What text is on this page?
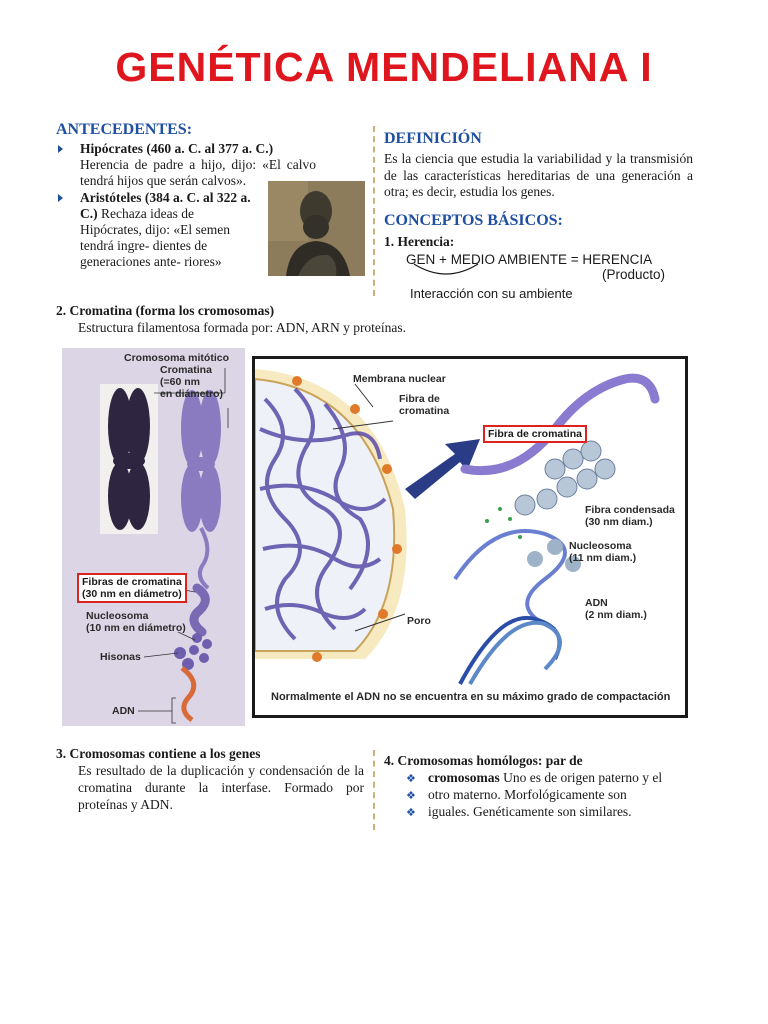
GENÉTICA MENDELIANA I
ANTECEDENTES:
Hipócrates (460 a. C. al 377 a. C.)

Herencia de padre a hijo, dijo: «El calvo tendrá hijos que serán calvos».
Aristóteles (384 a. C. al 322 a. C.) Rechaza ideas de Hipócrates, dijo: «El semen tendrá ingre- dientes de generaciones ante- riores»
DEFINICIÓN

Es la ciencia que estudia la variabilidad y la transmisión de las características hereditarias de una generación a otra; es decir, estudia los genes.

CONCEPTOS BÁSICOS:
1. Herencia:
GEN + MEDIO AMBIENTE = HERENCIA
(Producto)
Interacción con su ambiente
2. Cromatina (forma los cromosomas)
Estructura filamentosa formada por: ADN, ARN y proteínas.
Cromosoma mitótico
Cromatina
(=60 nm
en diámetro)
Fibras de cromatina
(30 nm en diámetro)
Nucleosoma
(10 nm en diámetro)
Hisonas
ADN
Membrana nuclear
Fibra de
cromatina
Fibra de cromatina
Fibra condensada
(30 nm diam.)
Nucleosoma
(11 nm diam.)
ADN
(2 nm diam.)
Poro
Normalmente el ADN no se encuentra en su máximo grado de compactación
3. Cromosomas contiene a los genes
Es resultado de la duplicación y condensación de la cromatina durante la interfase. Formado por proteínas y ADN.
4. Cromosomas homólogos: par de
❖ cromosomas Uno es de origen paterno y el
❖ otro materno. Morfológicamente son
❖ iguales. Genéticamente son similares.
